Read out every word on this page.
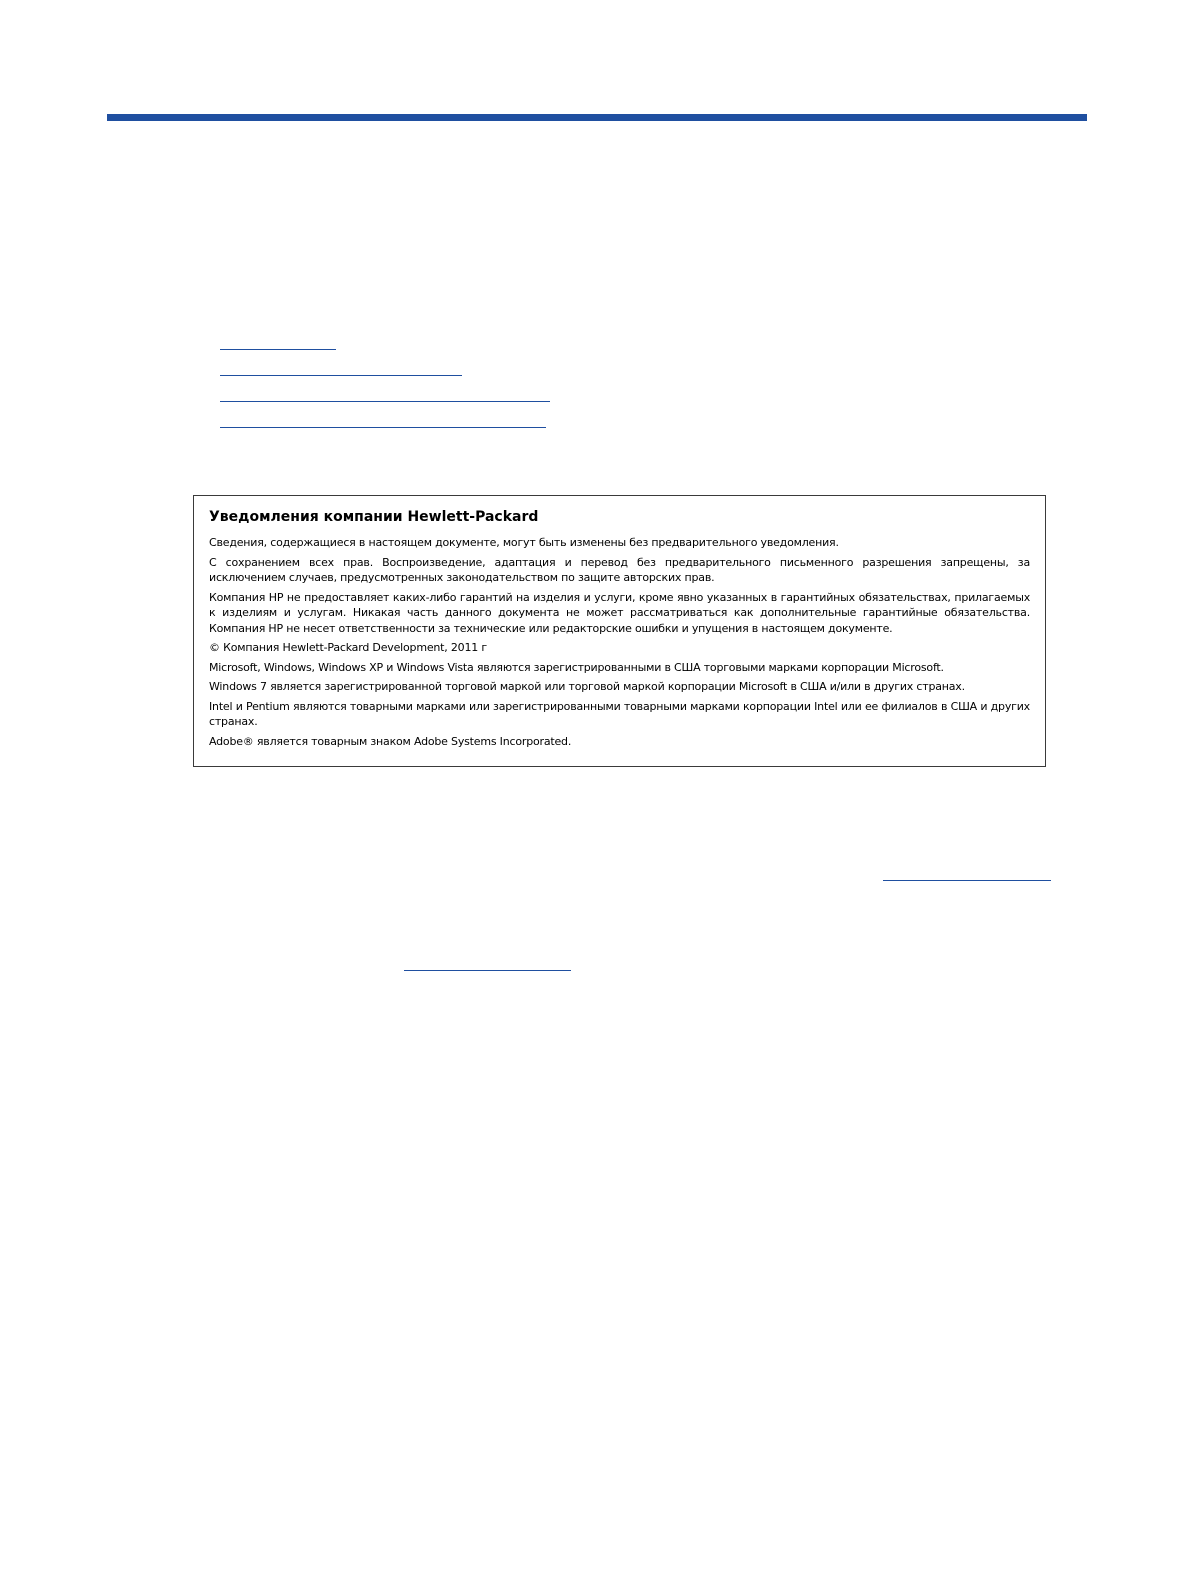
Уведомления компании Hewlett-Packard

Сведения, содержащиеся в настоящем документе, могут быть изменены без предварительного уведомления.

С сохранением всех прав. Воспроизведение, адаптация и перевод без предварительного письменного разрешения запрещены, за исключением случаев, предусмотренных законодательством по защите авторских прав.

Компания HP не предоставляет каких-либо гарантий на изделия и услуги, кроме явно указанных в гарантийных обязательствах, прилагаемых к изделиям и услугам. Никакая часть данного документа не может рассматриваться как дополнительные гарантийные обязательства. Компания HP не несет ответственности за технические или редакторские ошибки и упущения в настоящем документе.

© Компания Hewlett-Packard Development, 2011 г

Microsoft, Windows, Windows XP и Windows Vista являются зарегистрированными в США торговыми марками корпорации Microsoft.

Windows 7 является зарегистрированной торговой маркой или торговой маркой корпорации Microsoft в США и/или в других странах.

Intel и Pentium являются товарными марками или зарегистрированными товарными марками корпорации Intel или ее филиалов в США и других странах.

Adobe® является товарным знаком Adobe Systems Incorporated.
